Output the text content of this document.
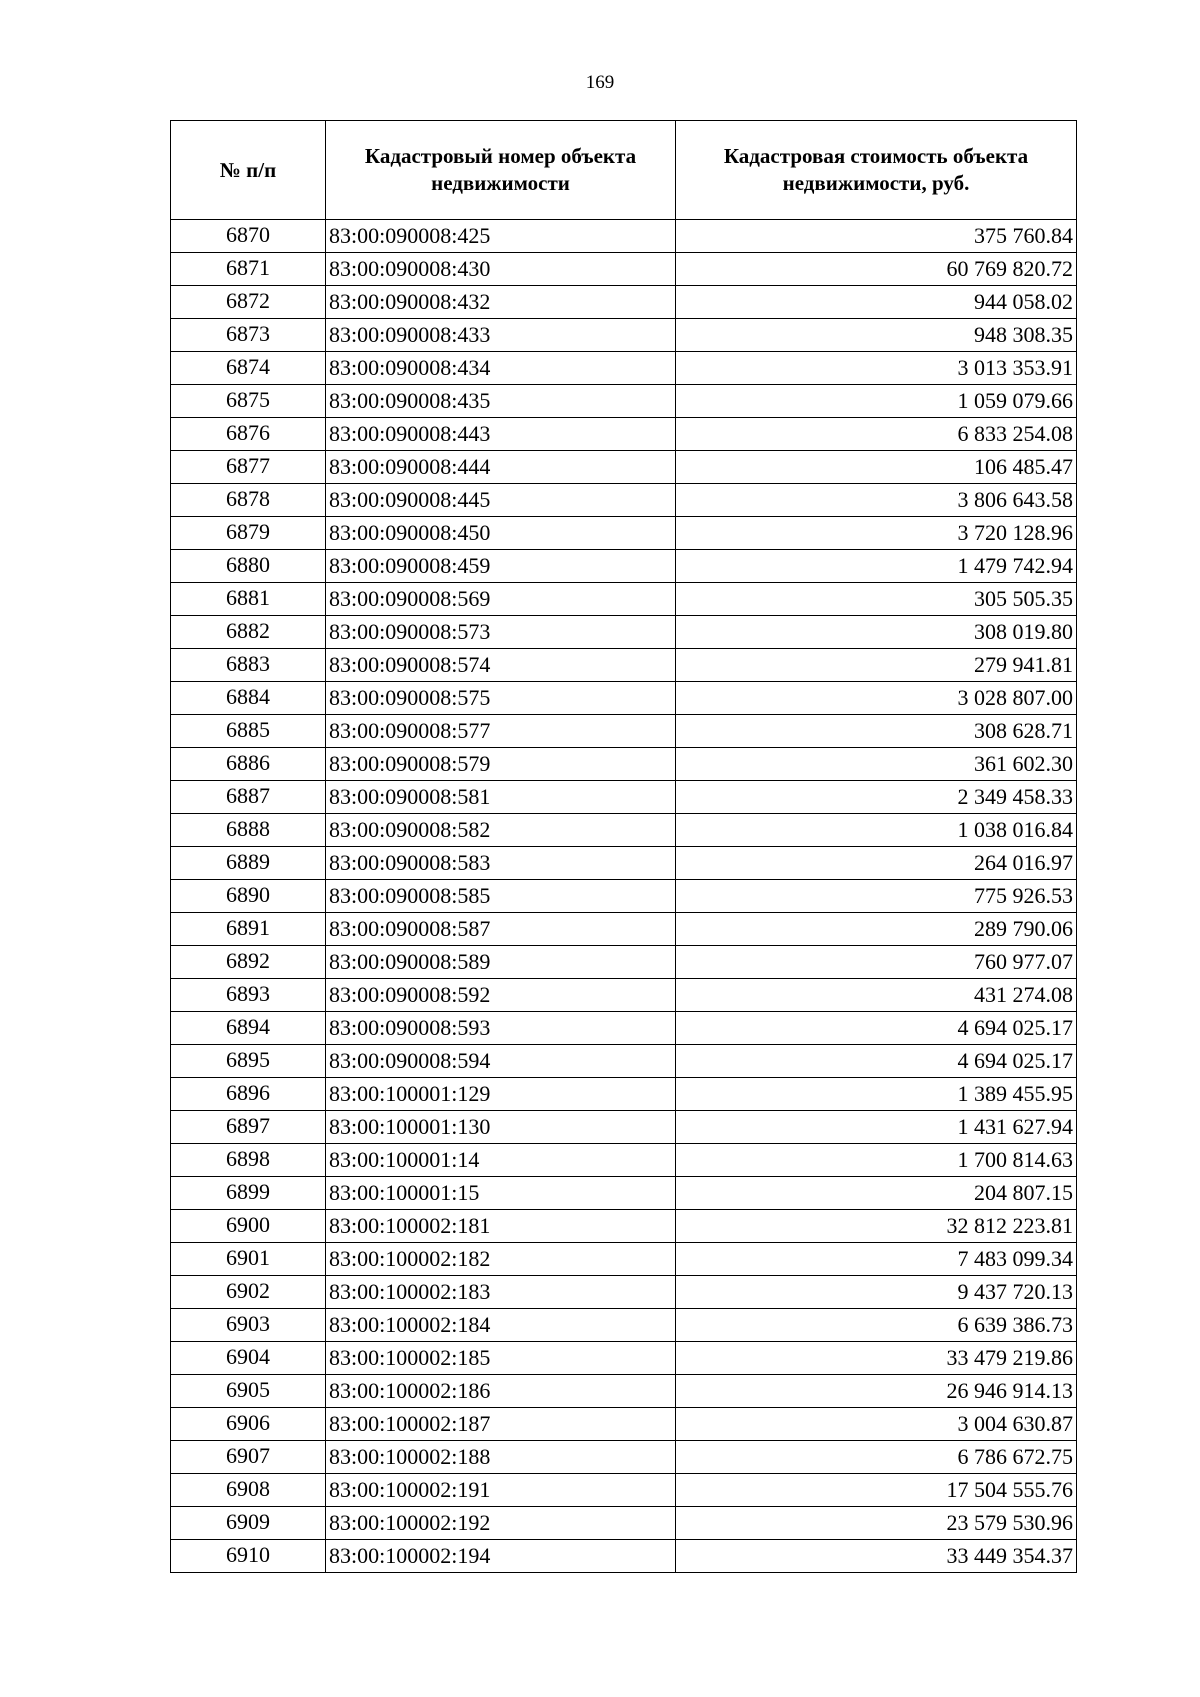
169
№ п/п	Кадастровый номер объекта недвижимости	Кадастровая стоимость объекта недвижимости, руб.
6870	83:00:090008:425	375 760.84
6871	83:00:090008:430	60 769 820.72
6872	83:00:090008:432	944 058.02
6873	83:00:090008:433	948 308.35
6874	83:00:090008:434	3 013 353.91
6875	83:00:090008:435	1 059 079.66
6876	83:00:090008:443	6 833 254.08
6877	83:00:090008:444	106 485.47
6878	83:00:090008:445	3 806 643.58
6879	83:00:090008:450	3 720 128.96
6880	83:00:090008:459	1 479 742.94
6881	83:00:090008:569	305 505.35
6882	83:00:090008:573	308 019.80
6883	83:00:090008:574	279 941.81
6884	83:00:090008:575	3 028 807.00
6885	83:00:090008:577	308 628.71
6886	83:00:090008:579	361 602.30
6887	83:00:090008:581	2 349 458.33
6888	83:00:090008:582	1 038 016.84
6889	83:00:090008:583	264 016.97
6890	83:00:090008:585	775 926.53
6891	83:00:090008:587	289 790.06
6892	83:00:090008:589	760 977.07
6893	83:00:090008:592	431 274.08
6894	83:00:090008:593	4 694 025.17
6895	83:00:090008:594	4 694 025.17
6896	83:00:100001:129	1 389 455.95
6897	83:00:100001:130	1 431 627.94
6898	83:00:100001:14	1 700 814.63
6899	83:00:100001:15	204 807.15
6900	83:00:100002:181	32 812 223.81
6901	83:00:100002:182	7 483 099.34
6902	83:00:100002:183	9 437 720.13
6903	83:00:100002:184	6 639 386.73
6904	83:00:100002:185	33 479 219.86
6905	83:00:100002:186	26 946 914.13
6906	83:00:100002:187	3 004 630.87
6907	83:00:100002:188	6 786 672.75
6908	83:00:100002:191	17 504 555.76
6909	83:00:100002:192	23 579 530.96
6910	83:00:100002:194	33 449 354.37
